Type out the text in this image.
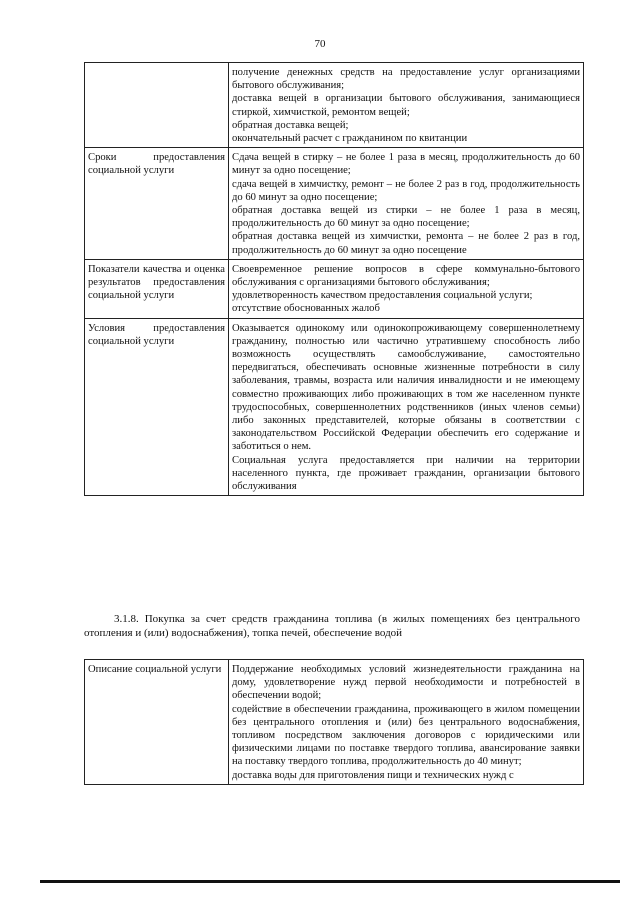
70

	получение денежных средств на предоставление услуг организациями бытового обслуживания;
доставка вещей в организации бытового обслуживания, занимающиеся стиркой, химчисткой, ремонтом вещей;
обратная доставка вещей;
окончательный расчет с гражданином по квитанции

Сроки предоставления социальной услуги	Сдача вещей в стирку – не более 1 раза в месяц, продолжительность до 60 минут за одно посещение;
сдача вещей в химчистку, ремонт – не более 2 раз в год, продолжительность до 60 минут за одно посещение;
обратная доставка вещей из стирки – не более 1 раза в месяц, продолжительность до 60 минут за одно посещение;
обратная доставка вещей из химчистки, ремонта – не более 2 раз в год, продолжительность до 60 минут за одно посещение

Показатели качества и оценка результатов предоставления социальной услуги	Своевременное решение вопросов в сфере коммунально-бытового обслуживания с организациями бытового обслуживания;
удовлетворенность качеством предоставления социальной услуги;
отсутствие обоснованных жалоб

Условия предоставления социальной услуги	Оказывается одинокому или одинокопроживающему совершеннолетнему гражданину, полностью или частично утратившему способность либо возможность осуществлять самообслуживание, самостоятельно передвигаться, обеспечивать основные жизненные потребности в силу заболевания, травмы, возраста или наличия инвалидности и не имеющему совместно проживающих либо проживающих в том же населенном пункте трудоспособных, совершеннолетних родственников (иных членов семьи) либо законных представителей, которые обязаны в соответствии с законодательством Российской Федерации обеспечить его содержание и заботиться о нем.
Социальная услуга предоставляется при наличии на территории населенного пункта, где проживает гражданин, организации бытового обслуживания
3.1.8. Покупка за счет средств гражданина топлива (в жилых помещениях без центрального отопления и (или) водоснабжения), топка печей, обеспечение водой
Описание социальной услуги	Поддержание необходимых условий жизнедеятельности гражданина на дому, удовлетворение нужд первой необходимости и потребностей в обеспечении водой;
содействие в обеспечении гражданина, проживающего в жилом помещении без центрального отопления и (или) без центрального водоснабжения, топливом посредством заключения договоров с юридическими или физическими лицами по поставке твердого топлива, авансирование заявки на поставку твердого топлива, продолжительность до 40 минут;
доставка воды для приготовления пищи и технических нужд с
